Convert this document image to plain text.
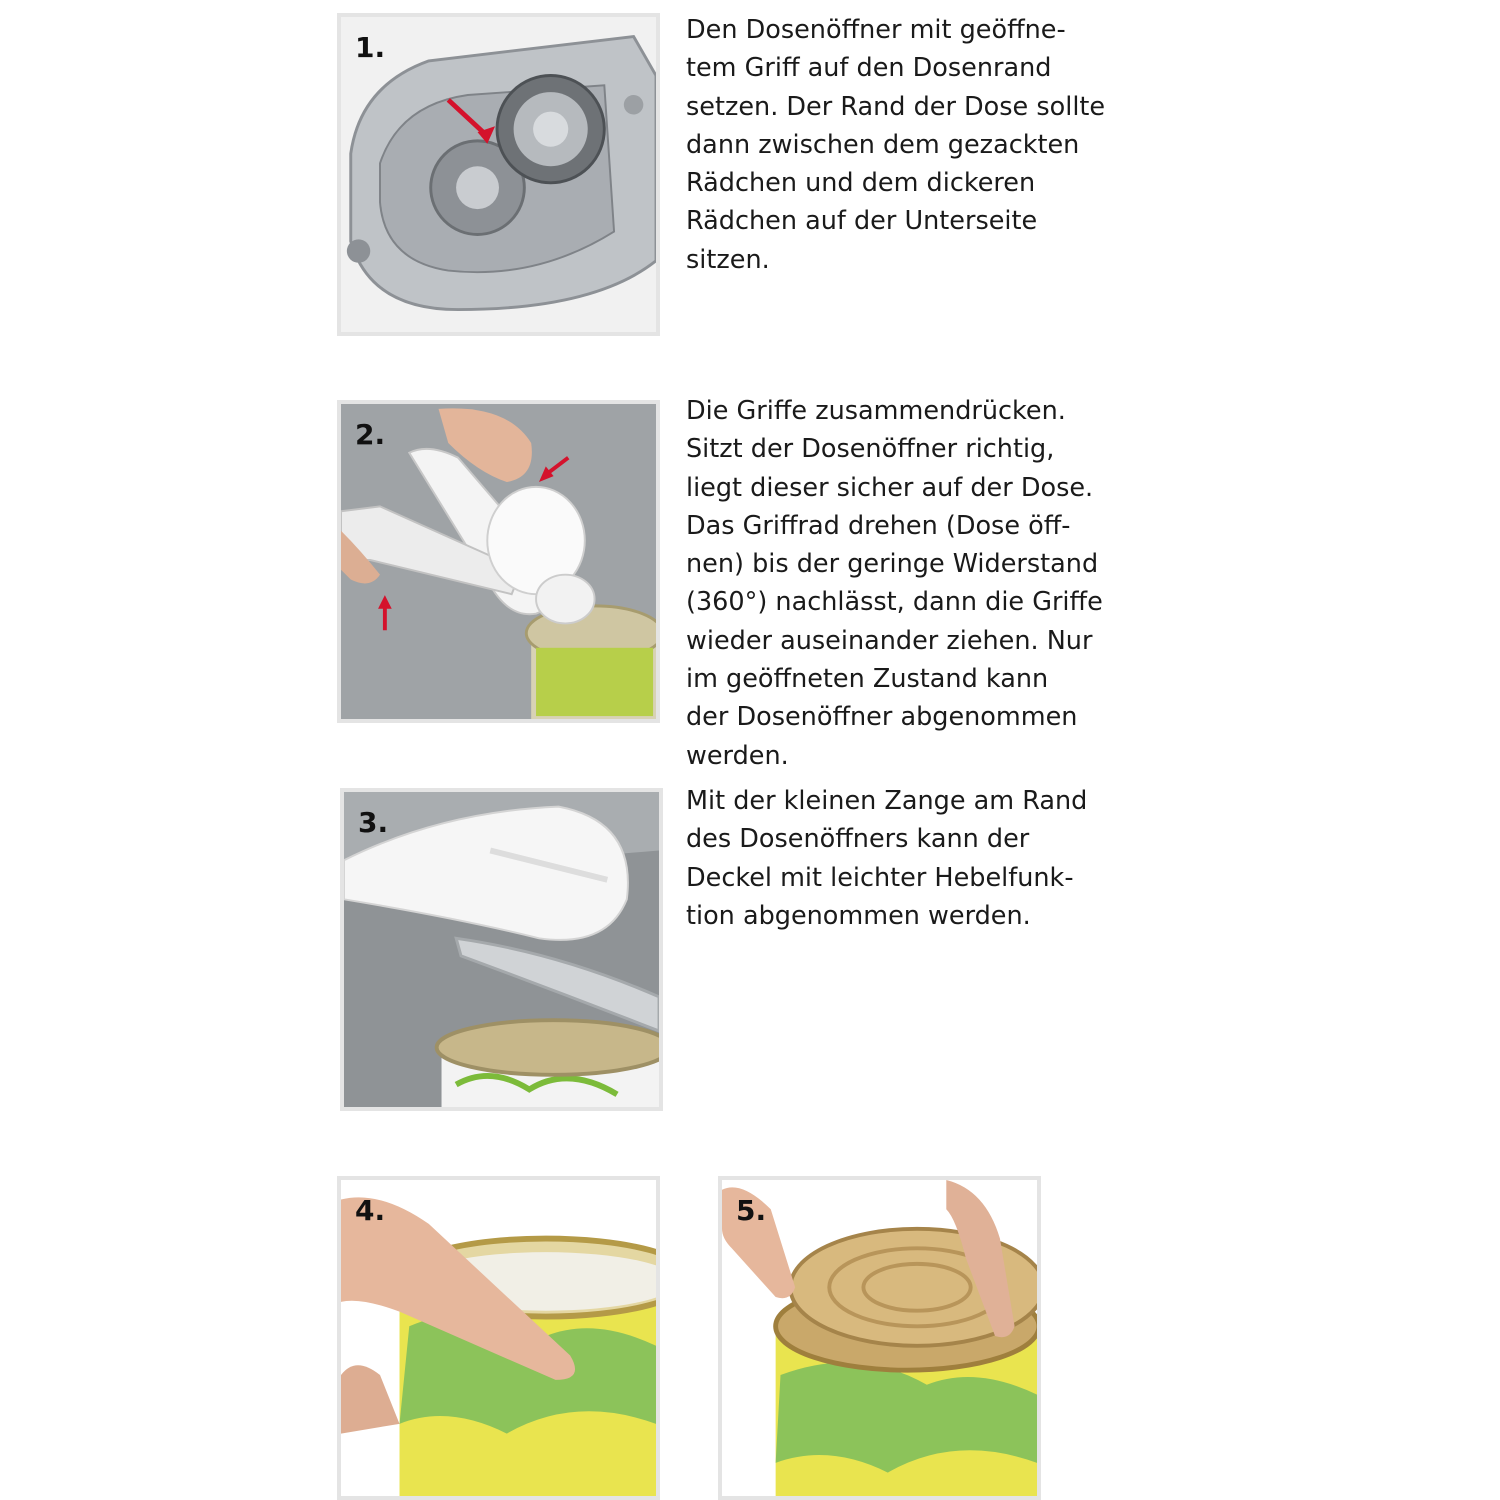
1.

Den Dosenöffner mit geöffne-
tem Griff auf den Dosenrand
setzen. Der Rand der Dose sollte
dann zwischen dem gezackten
Rädchen und dem dickeren
Rädchen auf der Unterseite
sitzen.

2.

Die Griffe zusammendrücken.
Sitzt der Dosenöffner richtig,
liegt dieser sicher auf der Dose.
Das Griffrad drehen (Dose öff-
nen) bis der geringe Widerstand
(360°) nachlässt, dann die Griffe
wieder auseinander ziehen. Nur
im geöffneten Zustand kann
der Dosenöffner abgenommen
werden.

3.

Mit der kleinen Zange am Rand
des Dosenöffners kann der
Deckel mit leichter Hebelfunk-
tion abgenommen werden.

4.	5.
